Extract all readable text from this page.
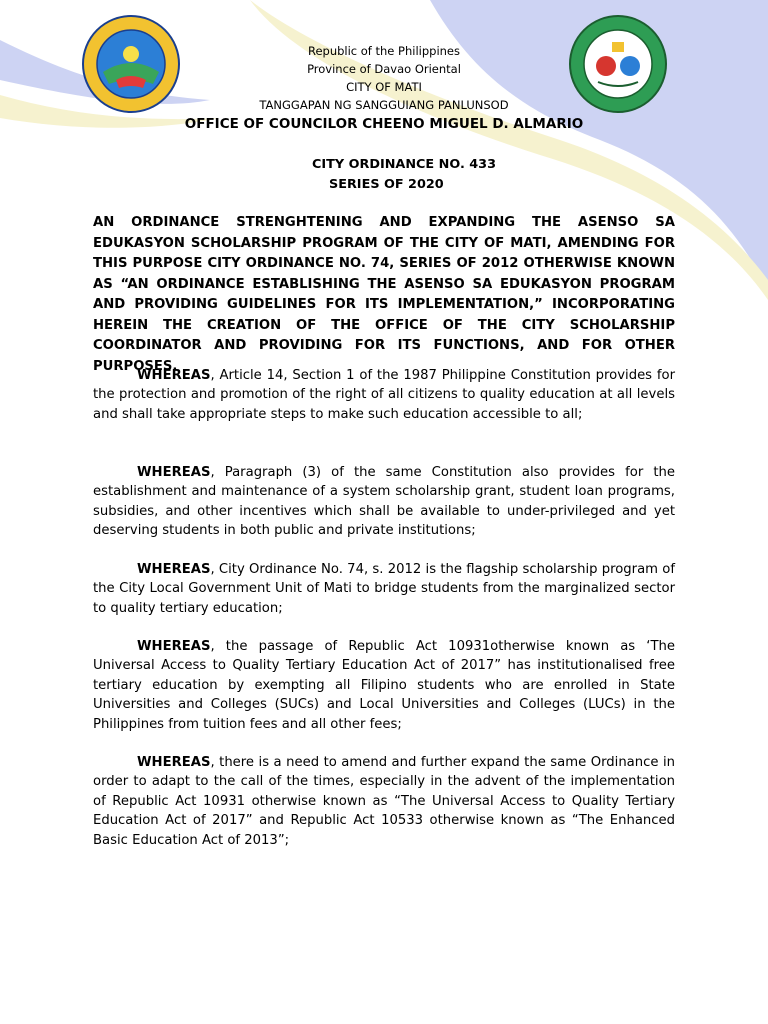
Republic of the Philippines
Province of Davao Oriental
CITY OF MATI
TANGGAPAN NG SANGGUIANG PANLUNSOD
OFFICE OF COUNCILOR CHEENO MIGUEL D. ALMARIO
CITY ORDINANCE NO. 433
SERIES OF 2020
AN ORDINANCE STRENGHTENING AND EXPANDING THE ASENSO SA EDUKASYON SCHOLARSHIP PROGRAM OF THE CITY OF MATI, AMENDING FOR THIS PURPOSE CITY ORDINANCE NO. 74, SERIES OF 2012 OTHERWISE KNOWN AS “AN ORDINANCE ESTABLISHING THE ASENSO SA EDUKASYON PROGRAM AND PROVIDING GUIDELINES FOR ITS IMPLEMENTATION,” INCORPORATING HEREIN THE CREATION OF THE OFFICE OF THE CITY SCHOLARSHIP COORDINATOR AND PROVIDING FOR ITS FUNCTIONS, AND FOR OTHER PURPOSES.
WHEREAS, Article 14, Section 1 of the 1987 Philippine Constitution provides for the protection and promotion of the right of all citizens to quality education at all levels and shall take appropriate steps to make such education accessible to all;
WHEREAS, Paragraph (3) of the same Constitution also provides for the establishment and maintenance of a system scholarship grant, student loan programs, subsidies, and other incentives which shall be available to under-privileged and yet deserving students in both public and private institutions;
WHEREAS, City Ordinance No. 74, s. 2012 is the flagship scholarship program of the City Local Government Unit of Mati to bridge students from the marginalized sector to quality tertiary education;
WHEREAS, the passage of Republic Act 10931otherwise known as ‘The Universal Access to Quality Tertiary Education Act of 2017” has institutionalised free tertiary education by exempting all Filipino students who are enrolled in State Universities and Colleges (SUCs) and Local Universities and Colleges (LUCs) in the Philippines from tuition fees and all other fees;
WHEREAS, there is a need to amend and further expand the same Ordinance in order to adapt to the call of the times, especially in the advent of the implementation of Republic Act 10931 otherwise known as “The Universal Access to Quality Tertiary Education Act of 2017” and Republic Act 10533 otherwise known as “The Enhanced Basic Education Act of 2013”;
